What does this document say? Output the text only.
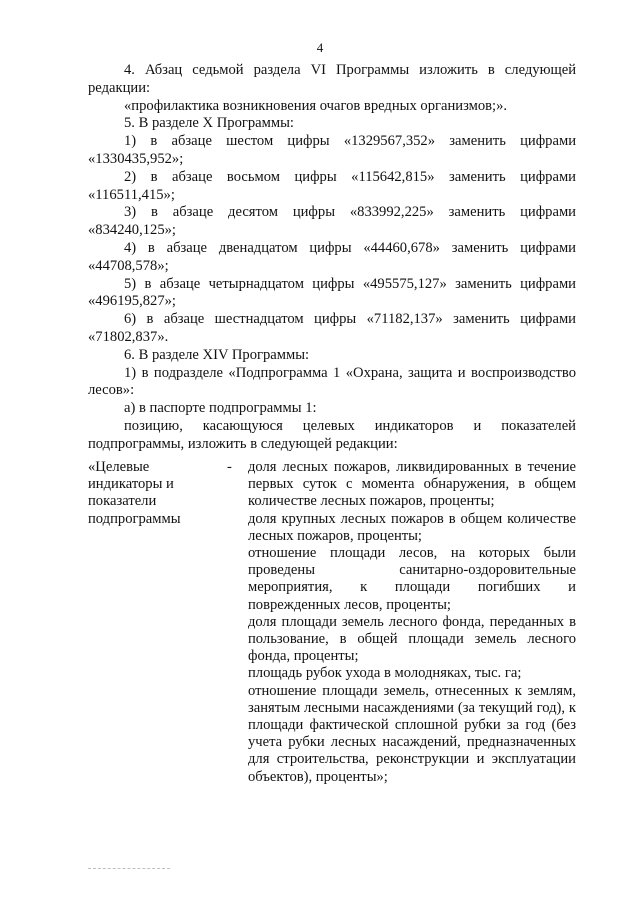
4

4. Абзац седьмой раздела VI Программы изложить в следующей редакции:

«профилактика возникновения очагов вредных организмов;».

5. В разделе X Программы:

1) в абзаце шестом цифры «1329567,352» заменить цифрами «1330435,952»;

2) в абзаце восьмом цифры «115642,815» заменить цифрами «116511,415»;

3) в абзаце десятом цифры «833992,225» заменить цифрами «834240,125»;

4) в абзаце двенадцатом цифры «44460,678» заменить цифрами «44708,578»;

5) в абзаце четырнадцатом цифры «495575,127» заменить цифрами «496195,827»;

6) в абзаце шестнадцатом цифры «71182,137» заменить цифрами «71802,837».

6. В разделе XIV Программы:

1) в подразделе «Подпрограмма 1 «Охрана, защита и воспроизводство лесов»:

а) в паспорте подпрограммы 1:

позицию, касающуюся целевых индикаторов и показателей подпрограммы, изложить в следующей редакции:

«Целевые индикаторы и показатели подпрограммы
-	доля лесных пожаров, ликвидированных в течение первых суток с момента обнаружения, в общем количестве лесных пожаров, проценты;

доля крупных лесных пожаров в общем количестве лесных пожаров, проценты;

отношение площади лесов, на которых были проведены санитарно-оздоровительные мероприятия, к площади погибших и поврежденных лесов, проценты;

доля площади земель лесного фонда, переданных в пользование, в общей площади земель лесного фонда, проценты;

площадь рубок ухода в молодняках, тыс. га;

отношение площади земель, отнесенных к землям, занятым лесными насаждениями (за текущий год), к площади фактической сплошной рубки за год (без учета рубки лесных насаждений, предназначенных для строительства, реконструкции и эксплуатации объектов), проценты»;
